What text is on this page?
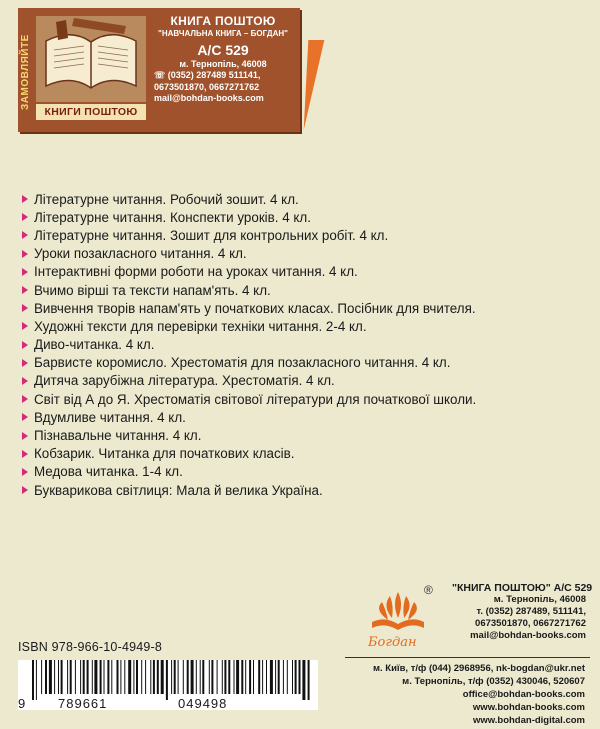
ЗАМОВЛЯЙТЕ
КНИГИ ПОШТОЮ
КНИГА ПОШТОЮ
"НАВЧАЛЬНА КНИГА – БОГДАН"
А/С 529
м. Тернопіль, 46008
☏ (0352) 287489 511141,
0673501870, 0667271762
mail@bohdan-books.com
Літературне читання. Робочий зошит. 4 кл.
Літературне читання. Конспекти уроків. 4 кл.
Літературне читання. Зошит для контрольних робіт. 4 кл.
Уроки позакласного читання. 4 кл.
Інтерактивні форми роботи на уроках читання. 4 кл.
Вчимо вірші та тексти напам'ять. 4 кл.
Вивчення творів напам'ять у початкових класах. Посібник для вчителя.
Художні тексти для перевірки техніки читання. 2-4 кл.
Диво-читанка. 4 кл.
Барвисте коромисло. Хрестоматія для позакласного читання. 4 кл.
Дитяча зарубіжна література. Хрестоматія. 4 кл.
Світ від А до Я. Хрестоматія світової літератури для початкової школи.
Вдумливе читання. 4 кл.
Пізнавальне читання. 4 кл.
Кобзарик. Читанка для початкових класів.
Медова читанка. 1-4 кл.
Букварикова світлиця: Мала й велика Україна.
Богдан
® "КНИГА ПОШТОЮ" А/С 529
м. Тернопіль, 46008
т. (0352) 287489, 511141,
0673501870, 0667271762
mail@bohdan-books.com
м. Київ, т/ф (044) 2968956, nk-bogdan@ukr.net
м. Тернопіль, т/ф (0352) 430046, 520607
office@bohdan-books.com
www.bohdan-books.com
www.bohdan-digital.com
ISBN 978-966-10-4949-8
9 789661	049498
